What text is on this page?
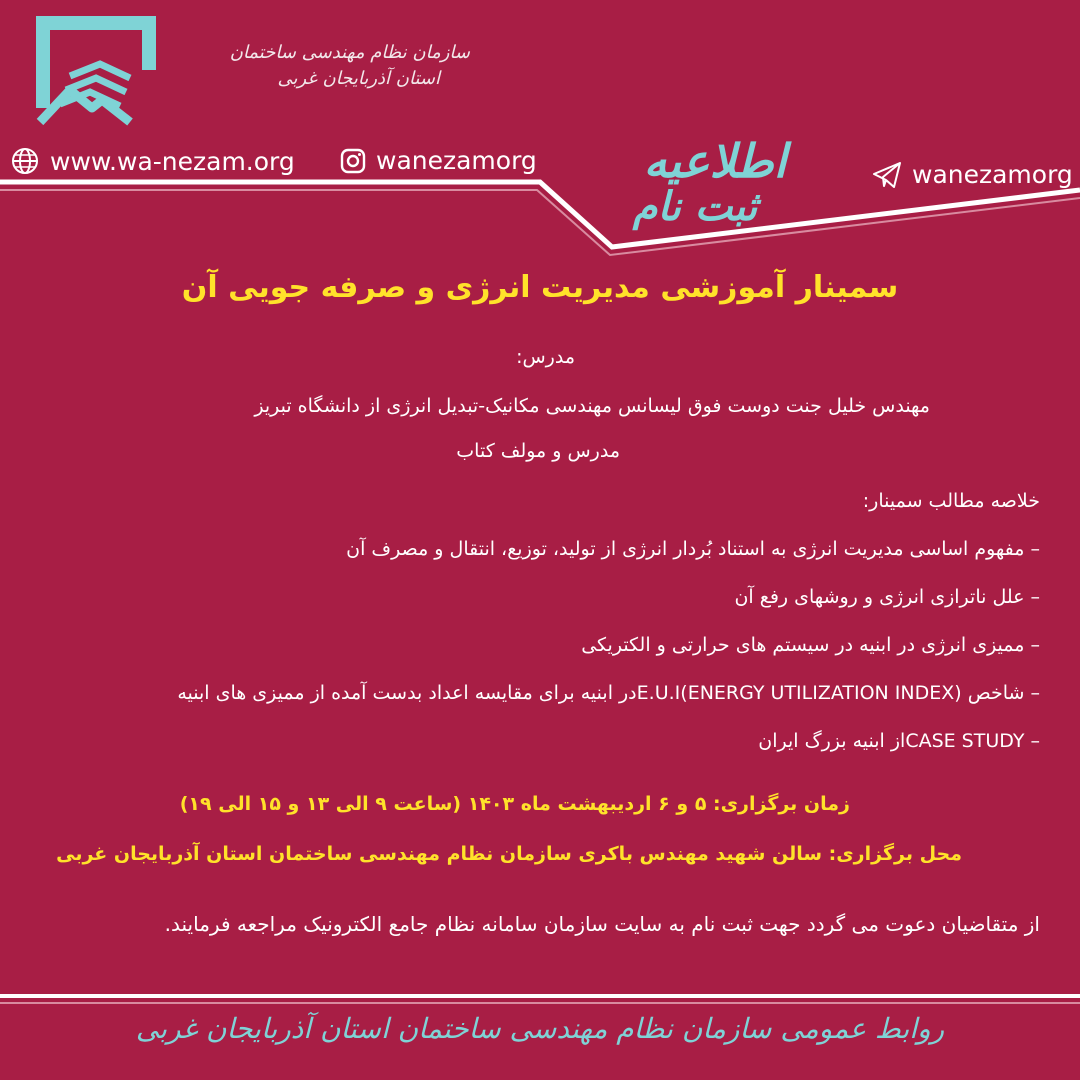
سازمان نظام مهندسی ساختمان
استان آذربایجان غربی
www.wa-nezam.org	wanezamorg	wanezamorg
اطلاعیه
ثبت نام
سمینار آموزشی مدیریت انرژی و صرفه جویی آن
مدرس:
مهندس خلیل جنت دوست فوق لیسانس مهندسی مکانیک-تبدیل انرژی از دانشگاه تبریز
مدرس و مولف کتاب
خلاصه مطالب سمینار:
– مفهوم اساسی مدیریت انرژی به استناد بُردار انرژی از تولید، توزیع، انتقال و مصرف آن
– علل ناترازی انرژی و روشهای رفع آن
– ممیزی انرژی در ابنیه در سیستم های حرارتی و الکتریکی
– شاخص (ENERGY UTILIZATION INDEX)E.U.Iدر ابنیه برای مقایسه اعداد بدست آمده از ممیزی های ابنیه
– CASE STUDYاز ابنیه بزرگ ایران
زمان برگزاری: ۵ و ۶ اردیبهشت ماه ۱۴۰۳ (ساعت ۹ الی ۱۳ و ۱۵ الی ۱۹)
محل برگزاری: سالن شهید مهندس باکری سازمان نظام مهندسی ساختمان استان آذربایجان غربی
از متقاضیان دعوت می گردد جهت ثبت نام به سایت سازمان سامانه نظام جامع الکترونیک مراجعه فرمایند.
روابط عمومی سازمان نظام مهندسی ساختمان استان آذربایجان غربی
